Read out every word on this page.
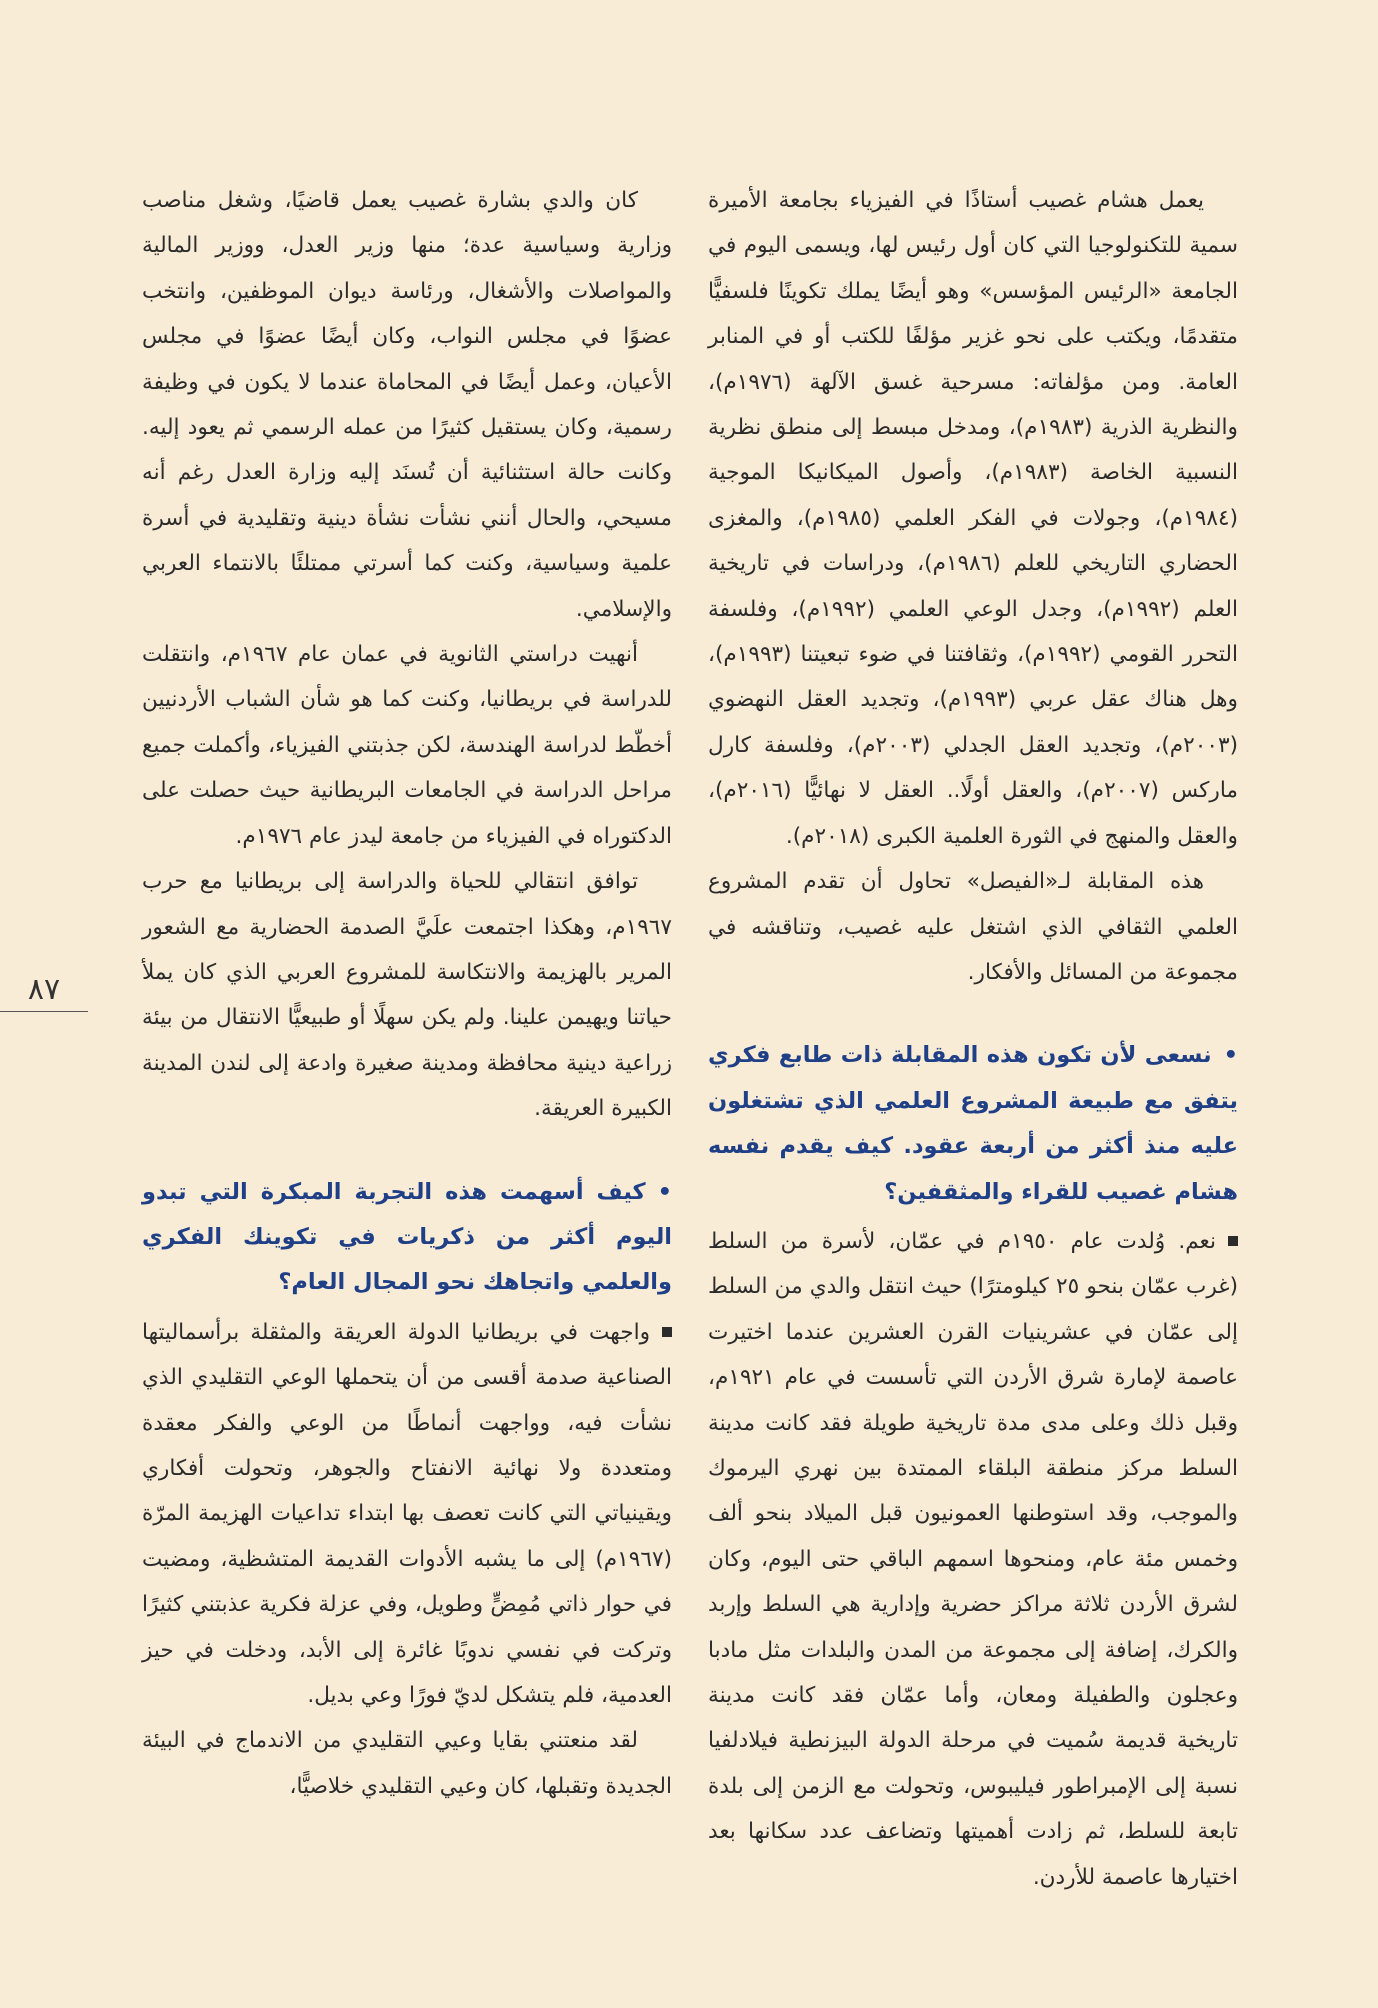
يعمل هشام غصيب أستاذًا في الفيزياء بجامعة الأميرة سمية للتكنولوجيا التي كان أول رئيس لها، ويسمى اليوم في الجامعة «الرئيس المؤسس» وهو أيضًا يملك تكوينًا فلسفيًّا متقدمًا، ويكتب على نحو غزير مؤلفًا للكتب أو في المنابر العامة. ومن مؤلفاته: مسرحية غسق الآلهة (١٩٧٦م)، والنظرية الذرية (١٩٨٣م)، ومدخل مبسط إلى منطق نظرية النسبية الخاصة (١٩٨٣م)، وأصول الميكانيكا الموجية (١٩٨٤م)، وجولات في الفكر العلمي (١٩٨٥م)، والمغزى الحضاري التاريخي للعلم (١٩٨٦م)، ودراسات في تاريخية العلم (١٩٩٢م)، وجدل الوعي العلمي (١٩٩٢م)، وفلسفة التحرر القومي (١٩٩٢م)، وثقافتنا في ضوء تبعيتنا (١٩٩٣م)، وهل هناك عقل عربي (١٩٩٣م)، وتجديد العقل النهضوي (٢٠٠٣م)، وتجديد العقل الجدلي (٢٠٠٣م)، وفلسفة كارل ماركس (٢٠٠٧م)، والعقل أولًا.. العقل لا نهائيًّا (٢٠١٦م)، والعقل والمنهج في الثورة العلمية الكبرى (٢٠١٨م).

هذه المقابلة لـ«الفيصل» تحاول أن تقدم المشروع العلمي الثقافي الذي اشتغل عليه غصيب، وتناقشه في مجموعة من المسائل والأفكار.

•نسعى لأن تكون هذه المقابلة ذات طابع فكري يتفق مع طبيعة المشروع العلمي الذي تشتغلون عليه منذ أكثر من أربعة عقود. كيف يقدم نفسه هشام غصيب للقراء والمثقفين؟

نعم. وُلدت عام ١٩٥٠م في عمّان، لأسرة من السلط (غرب عمّان بنحو ٢٥ كيلومترًا) حيث انتقل والدي من السلط إلى عمّان في عشرينيات القرن العشرين عندما اختيرت عاصمة لإمارة شرق الأردن التي تأسست في عام ١٩٢١م، وقبل ذلك وعلى مدى مدة تاريخية طويلة فقد كانت مدينة السلط مركز منطقة البلقاء الممتدة بين نهري اليرموك والموجب، وقد استوطنها العمونيون قبل الميلاد بنحو ألف وخمس مئة عام، ومنحوها اسمهم الباقي حتى اليوم، وكان لشرق الأردن ثلاثة مراكز حضرية وإدارية هي السلط وإربد والكرك، إضافة إلى مجموعة من المدن والبلدات مثل مادبا وعجلون والطفيلة ومعان، وأما عمّان فقد كانت مدينة تاريخية قديمة سُميت في مرحلة الدولة البيزنطية فيلادلفيا نسبة إلى الإمبراطور فيليبوس، وتحولت مع الزمن إلى بلدة تابعة للسلط، ثم زادت أهميتها وتضاعف عدد سكانها بعد اختيارها عاصمة للأردن.

كان والدي بشارة غصيب يعمل قاضيًا، وشغل مناصب وزارية وسياسية عدة؛ منها وزير العدل، ووزير المالية والمواصلات والأشغال، ورئاسة ديوان الموظفين، وانتخب عضوًا في مجلس النواب، وكان أيضًا عضوًا في مجلس الأعيان، وعمل أيضًا في المحاماة عندما لا يكون في وظيفة رسمية، وكان يستقيل كثيرًا من عمله الرسمي ثم يعود إليه. وكانت حالة استثنائية أن تُسنَد إليه وزارة العدل رغم أنه مسيحي، والحال أنني نشأت نشأة دينية وتقليدية في أسرة علمية وسياسية، وكنت كما أسرتي ممتلئًا بالانتماء العربي والإسلامي.

أنهيت دراستي الثانوية في عمان عام ١٩٦٧م، وانتقلت للدراسة في بريطانيا، وكنت كما هو شأن الشباب الأردنيين أخطّط لدراسة الهندسة، لكن جذبتني الفيزياء، وأكملت جميع مراحل الدراسة في الجامعات البريطانية حيث حصلت على الدكتوراه في الفيزياء من جامعة ليدز عام ١٩٧٦م.

توافق انتقالي للحياة والدراسة إلى بريطانيا مع حرب ١٩٦٧م، وهكذا اجتمعت علَيَّ الصدمة الحضارية مع الشعور المرير بالهزيمة والانتكاسة للمشروع العربي الذي كان يملأ حياتنا ويهيمن علينا. ولم يكن سهلًا أو طبيعيًّا الانتقال من بيئة زراعية دينية محافظة ومدينة صغيرة وادعة إلى لندن المدينة الكبيرة العريقة.

•كيف أسهمت هذه التجربة المبكرة التي تبدو اليوم أكثر من ذكريات في تكوينك الفكري والعلمي واتجاهك نحو المجال العام؟

واجهت في بريطانيا الدولة العريقة والمثقلة برأسماليتها الصناعية صدمة أقسى من أن يتحملها الوعي التقليدي الذي نشأت فيه، وواجهت أنماطًا من الوعي والفكر معقدة ومتعددة ولا نهائية الانفتاح والجوهر، وتحولت أفكاري ويقينياتي التي كانت تعصف بها ابتداء تداعيات الهزيمة المرّة (١٩٦٧م) إلى ما يشبه الأدوات القديمة المتشظية، ومضيت في حوار ذاتي مُمِضٍّ وطويل، وفي عزلة فكرية عذبتني كثيرًا وتركت في نفسي ندوبًا غائرة إلى الأبد، ودخلت في حيز العدمية، فلم يتشكل لديّ فورًا وعي بديل.

لقد منعتني بقايا وعيي التقليدي من الاندماج في البيئة الجديدة وتقبلها، كان وعيي التقليدي خلاصيًّا،

٨٧
